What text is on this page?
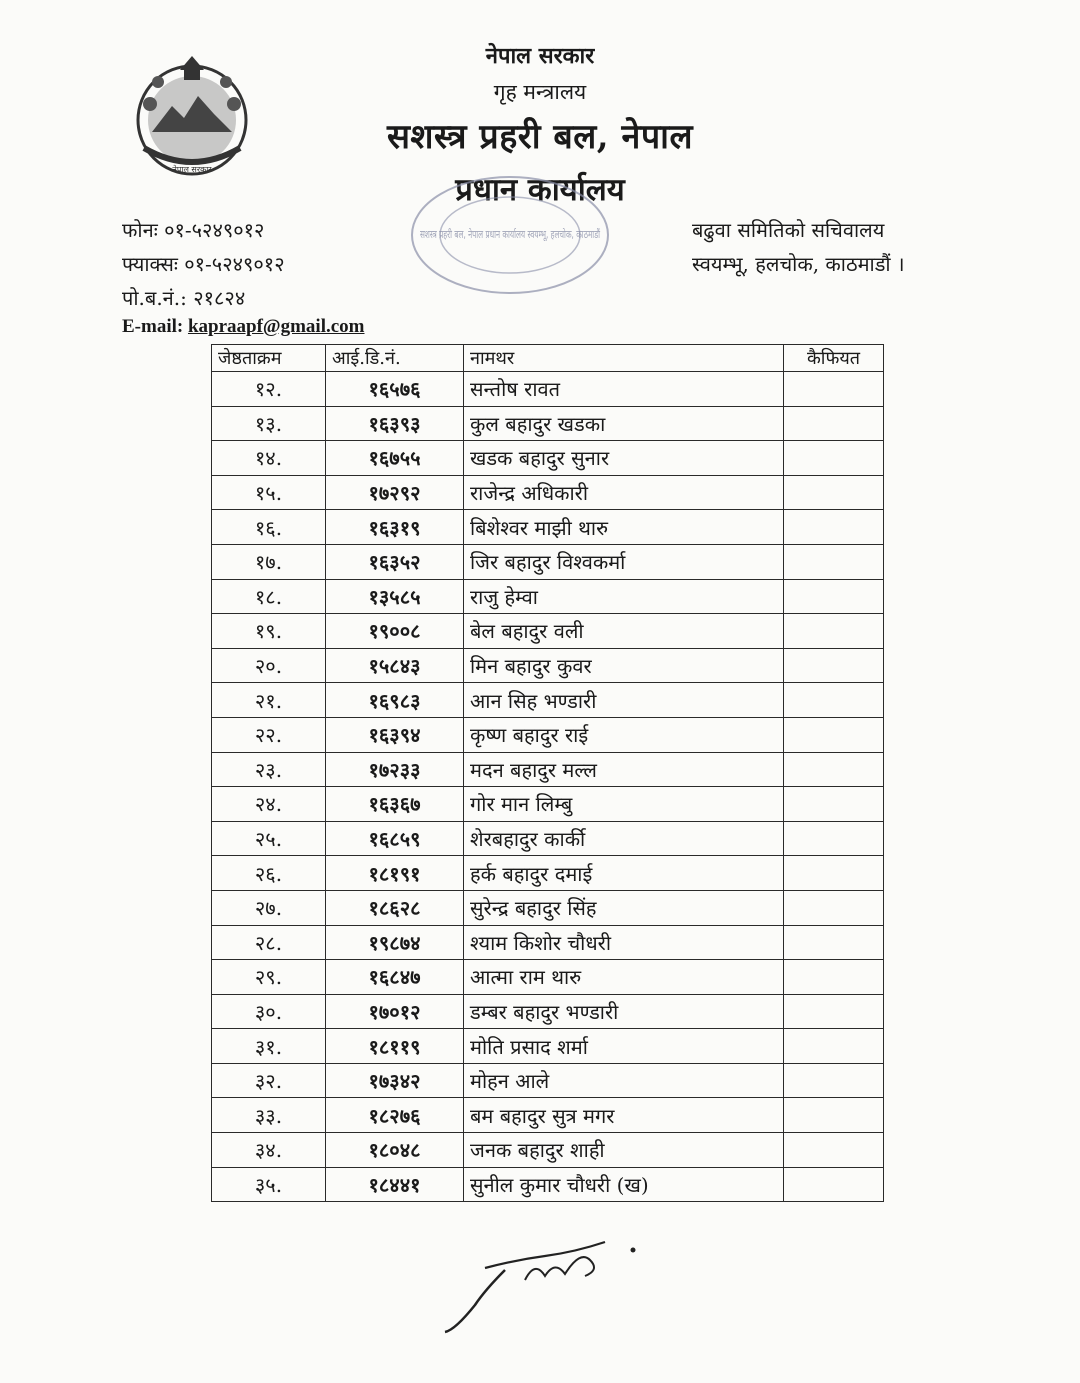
नेपाल सरकार
नेपाल सरकार
गृह मन्त्रालय
सशस्त्र प्रहरी बल, नेपाल
प्रधान कार्यालय
सशस्त्र प्रहरी बल, नेपाल प्रधान कार्यालय स्वयम्भू, हलचोक, काठमाडौं
फोनः ०१-५२४९०१२
फ्याक्सः ०१-५२४९०१२
पो.ब.नं.: २१८२४
E-mail: kapraapf@gmail.com
बढुवा समितिको सचिवालय
स्वयम्भू, हलचोक, काठमाडौं ।
जेष्ठताक्रम	आई.डि.नं.	नामथर	कैफियत
१२.	१६५७६	सन्तोष रावत	
१३.	१६३९३	कुल बहादुर खडका	
१४.	१६७५५	खडक बहादुर सुनार	
१५.	१७२९२	राजेन्द्र अधिकारी	
१६.	१६३१९	बिशेश्वर माझी थारु	
१७.	१६३५२	जिर बहादुर विश्वकर्मा	
१८.	१३५८५	राजु हेम्वा	
१९.	१९००८	बेल बहादुर वली	
२०.	१५८४३	मिन बहादुर कुवर	
२१.	१६९८३	आन सिह भण्डारी	
२२.	१६३९४	कृष्ण बहादुर राई	
२३.	१७२३३	मदन बहादुर मल्ल	
२४.	१६३६७	गोर मान लिम्बु	
२५.	१६८५९	शेरबहादुर कार्की	
२६.	१८१९१	हर्क बहादुर दमाई	
२७.	१८६२८	सुरेन्द्र बहादुर सिंह	
२८.	१९८७४	श्याम किशोर चौधरी	
२९.	१६८४७	आत्मा राम थारु	
३०.	१७०१२	डम्बर बहादुर भण्डारी	
३१.	१८११९	मोति प्रसाद शर्मा	
३२.	१७३४२	मोहन आले	
३३.	१८२७६	बम बहादुर सुत्र मगर	
३४.	१८०४८	जनक बहादुर शाही	
३५.	१८४४१	सुनील कुमार चौधरी (ख)	
